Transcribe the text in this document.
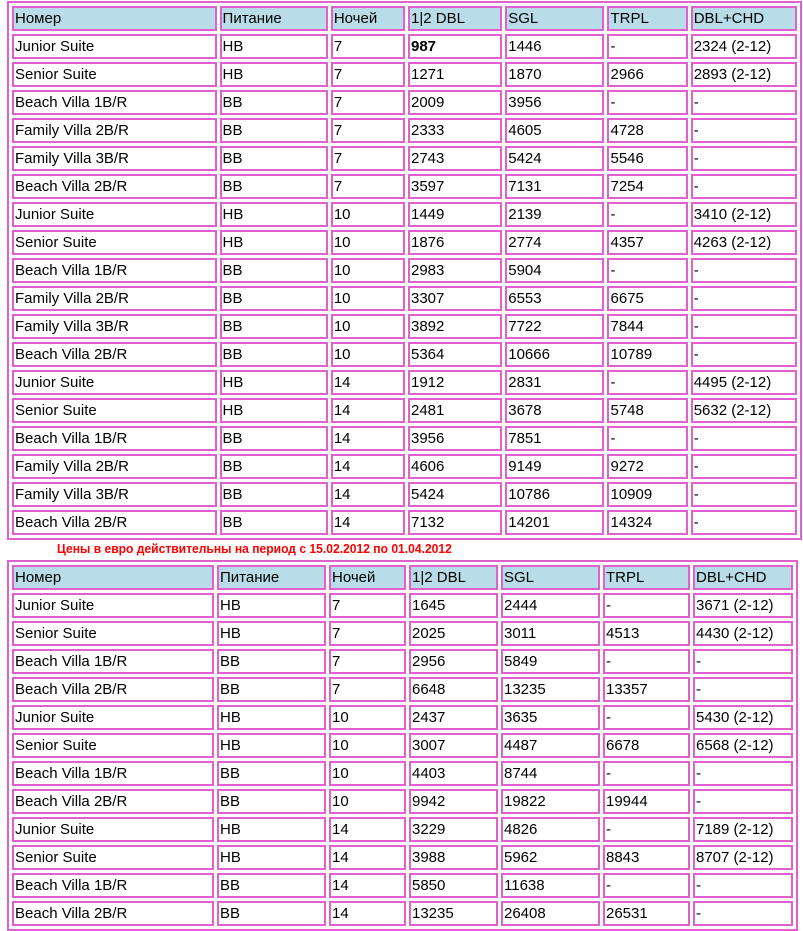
Номер	Питание	Ночей	1|2 DBL	SGL	TRPL	DBL+CHD
Junior Suite	HB	7	987	1446	-	2324 (2-12)
Senior Suite	HB	7	1271	1870	2966	2893 (2-12)
Beach Villa 1B/R	BB	7	2009	3956	-	-
Family Villa 2B/R	BB	7	2333	4605	4728	-
Family Villa 3B/R	BB	7	2743	5424	5546	-
Beach Villa 2B/R	BB	7	3597	7131	7254	-
Junior Suite	HB	10	1449	2139	-	3410 (2-12)
Senior Suite	HB	10	1876	2774	4357	4263 (2-12)
Beach Villa 1B/R	BB	10	2983	5904	-	-
Family Villa 2B/R	BB	10	3307	6553	6675	-
Family Villa 3B/R	BB	10	3892	7722	7844	-
Beach Villa 2B/R	BB	10	5364	10666	10789	-
Junior Suite	HB	14	1912	2831	-	4495 (2-12)
Senior Suite	HB	14	2481	3678	5748	5632 (2-12)
Beach Villa 1B/R	BB	14	3956	7851	-	-
Family Villa 2B/R	BB	14	4606	9149	9272	-
Family Villa 3B/R	BB	14	5424	10786	10909	-
Beach Villa 2B/R	BB	14	7132	14201	14324	-
Цены в евро действительны на период с 15.02.2012 по 01.04.2012
Номер	Питание	Ночей	1|2 DBL	SGL	TRPL	DBL+CHD
Junior Suite	HB	7	1645	2444	-	3671 (2-12)
Senior Suite	HB	7	2025	3011	4513	4430 (2-12)
Beach Villa 1B/R	BB	7	2956	5849	-	-
Beach Villa 2B/R	BB	7	6648	13235	13357	-
Junior Suite	HB	10	2437	3635	-	5430 (2-12)
Senior Suite	HB	10	3007	4487	6678	6568 (2-12)
Beach Villa 1B/R	BB	10	4403	8744	-	-
Beach Villa 2B/R	BB	10	9942	19822	19944	-
Junior Suite	HB	14	3229	4826	-	7189 (2-12)
Senior Suite	HB	14	3988	5962	8843	8707 (2-12)
Beach Villa 1B/R	BB	14	5850	11638	-	-
Beach Villa 2B/R	BB	14	13235	26408	26531	-
